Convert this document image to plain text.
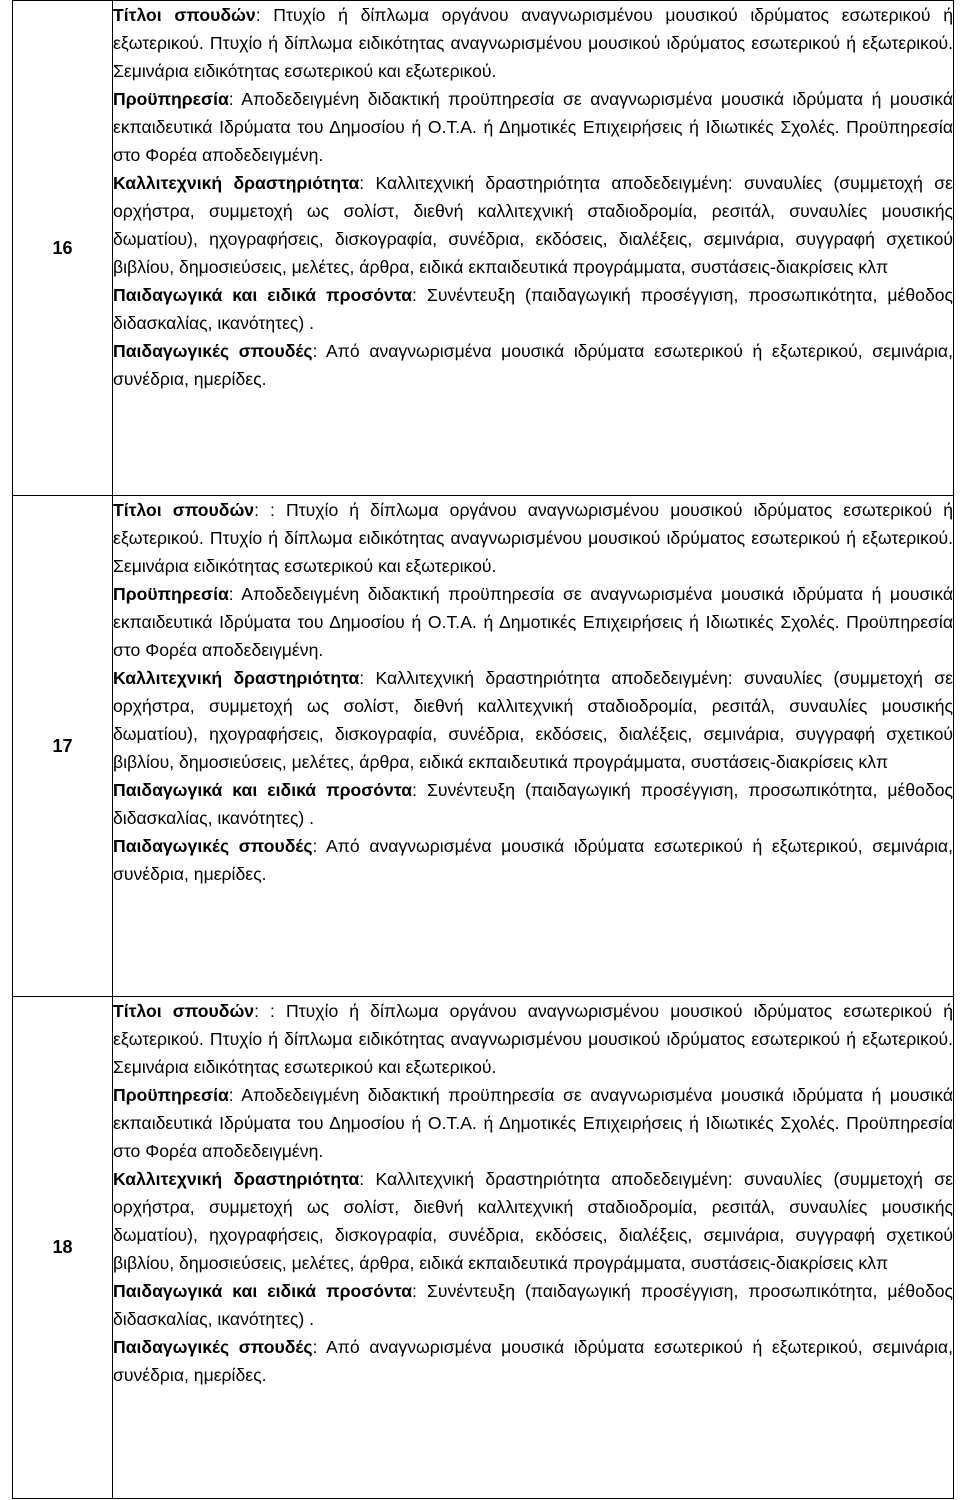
16	Τίτλοι σπουδών: Πτυχίο ή δίπλωμα οργάνου αναγνωρισμένου μουσικού ιδρύματος εσωτερικού ή εξωτερικού. Πτυχίο ή δίπλωμα ειδικότητας αναγνωρισμένου μουσικού ιδρύματος εσωτερικού ή εξωτερικού. Σεμινάρια ειδικότητας εσωτερικού και εξωτερικού.

Προϋπηρεσία: Αποδεδειγμένη διδακτική προϋπηρεσία σε αναγνωρισμένα μουσικά ιδρύματα ή μουσικά εκπαιδευτικά Ιδρύματα του Δημοσίου ή Ο.Τ.Α. ή Δημοτικές Επιχειρήσεις ή Ιδιωτικές Σχολές. Προϋπηρεσία στο Φορέα αποδεδειγμένη.

Καλλιτεχνική δραστηριότητα: Καλλιτεχνική δραστηριότητα αποδεδειγμένη: συναυλίες (συμμετοχή σε ορχήστρα, συμμετοχή ως σολίστ, διεθνή καλλιτεχνική σταδιοδρομία, ρεσιτάλ, συναυλίες μουσικής δωματίου), ηχογραφήσεις, δισκογραφία, συνέδρια, εκδόσεις, διαλέξεις, σεμινάρια, συγγραφή σχετικού βιβλίου, δημοσιεύσεις, μελέτες, άρθρα, ειδικά εκπαιδευτικά προγράμματα, συστάσεις-διακρίσεις κλπ

Παιδαγωγικά και ειδικά προσόντα: Συνέντευξη (παιδαγωγική προσέγγιση, προσωπικότητα, μέθοδος διδασκαλίας, ικανότητες) .

Παιδαγωγικές σπουδές: Από αναγνωρισμένα μουσικά ιδρύματα εσωτερικού ή εξωτερικού, σεμινάρια, συνέδρια, ημερίδες.

17	Τίτλοι σπουδών: : Πτυχίο ή δίπλωμα οργάνου αναγνωρισμένου μουσικού ιδρύματος εσωτερικού ή εξωτερικού. Πτυχίο ή δίπλωμα ειδικότητας αναγνωρισμένου μουσικού ιδρύματος εσωτερικού ή εξωτερικού. Σεμινάρια ειδικότητας εσωτερικού και εξωτερικού.

Προϋπηρεσία: Αποδεδειγμένη διδακτική προϋπηρεσία σε αναγνωρισμένα μουσικά ιδρύματα ή μουσικά εκπαιδευτικά Ιδρύματα του Δημοσίου ή Ο.Τ.Α. ή Δημοτικές Επιχειρήσεις ή Ιδιωτικές Σχολές. Προϋπηρεσία στο Φορέα αποδεδειγμένη.

Καλλιτεχνική δραστηριότητα: Καλλιτεχνική δραστηριότητα αποδεδειγμένη: συναυλίες (συμμετοχή σε ορχήστρα, συμμετοχή ως σολίστ, διεθνή καλλιτεχνική σταδιοδρομία, ρεσιτάλ, συναυλίες μουσικής δωματίου), ηχογραφήσεις, δισκογραφία, συνέδρια, εκδόσεις, διαλέξεις, σεμινάρια, συγγραφή σχετικού βιβλίου, δημοσιεύσεις, μελέτες, άρθρα, ειδικά εκπαιδευτικά προγράμματα, συστάσεις-διακρίσεις κλπ

Παιδαγωγικά και ειδικά προσόντα: Συνέντευξη (παιδαγωγική προσέγγιση, προσωπικότητα, μέθοδος διδασκαλίας, ικανότητες) .

Παιδαγωγικές σπουδές: Από αναγνωρισμένα μουσικά ιδρύματα εσωτερικού ή εξωτερικού, σεμινάρια, συνέδρια, ημερίδες.

18	Τίτλοι σπουδών: : Πτυχίο ή δίπλωμα οργάνου αναγνωρισμένου μουσικού ιδρύματος εσωτερικού ή εξωτερικού. Πτυχίο ή δίπλωμα ειδικότητας αναγνωρισμένου μουσικού ιδρύματος εσωτερικού ή εξωτερικού. Σεμινάρια ειδικότητας εσωτερικού και εξωτερικού.

Προϋπηρεσία: Αποδεδειγμένη διδακτική προϋπηρεσία σε αναγνωρισμένα μουσικά ιδρύματα ή μουσικά εκπαιδευτικά Ιδρύματα του Δημοσίου ή Ο.Τ.Α. ή Δημοτικές Επιχειρήσεις ή Ιδιωτικές Σχολές. Προϋπηρεσία στο Φορέα αποδεδειγμένη.

Καλλιτεχνική δραστηριότητα: Καλλιτεχνική δραστηριότητα αποδεδειγμένη: συναυλίες (συμμετοχή σε ορχήστρα, συμμετοχή ως σολίστ, διεθνή καλλιτεχνική σταδιοδρομία, ρεσιτάλ, συναυλίες μουσικής δωματίου), ηχογραφήσεις, δισκογραφία, συνέδρια, εκδόσεις, διαλέξεις, σεμινάρια, συγγραφή σχετικού βιβλίου, δημοσιεύσεις, μελέτες, άρθρα, ειδικά εκπαιδευτικά προγράμματα, συστάσεις-διακρίσεις κλπ

Παιδαγωγικά και ειδικά προσόντα: Συνέντευξη (παιδαγωγική προσέγγιση, προσωπικότητα, μέθοδος διδασκαλίας, ικανότητες) .

Παιδαγωγικές σπουδές: Από αναγνωρισμένα μουσικά ιδρύματα εσωτερικού ή εξωτερικού, σεμινάρια, συνέδρια, ημερίδες.
